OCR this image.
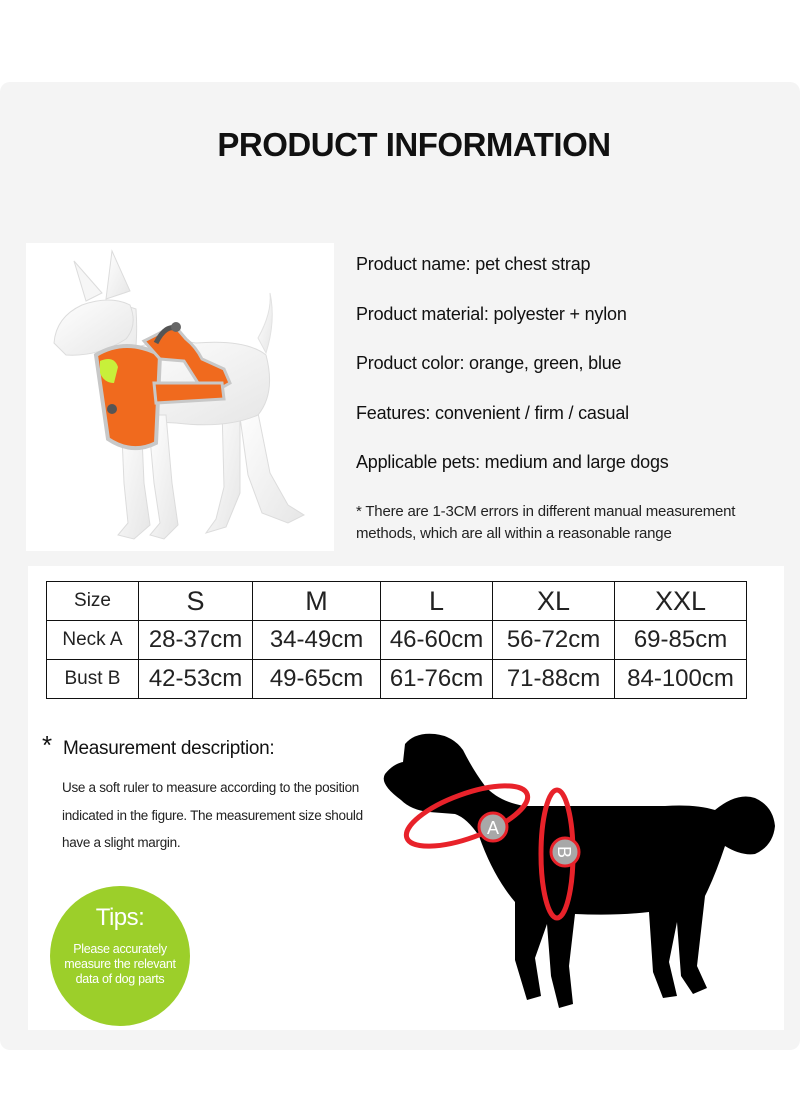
PRODUCT INFORMATION
Product name: pet chest strap
Product material: polyester + nylon
Product color: orange, green, blue
Features: convenient / firm / casual
Applicable pets: medium and large dogs
* There are 1-3CM errors in different manual measurement methods, which are all within a reasonable range
Size	S	M	L	XL	XXL
Neck A	28-37cm	34-49cm	46-60cm	56-72cm	69-85cm
Bust B	42-53cm	49-65cm	61-76cm	71-88cm	84-100cm
* Measurement description:
Use a soft ruler to measure according to the position
indicated in the figure. The measurement size should
have a slight margin.
Tips:
Please accurately
measure the relevant
data of dog parts
A
B
